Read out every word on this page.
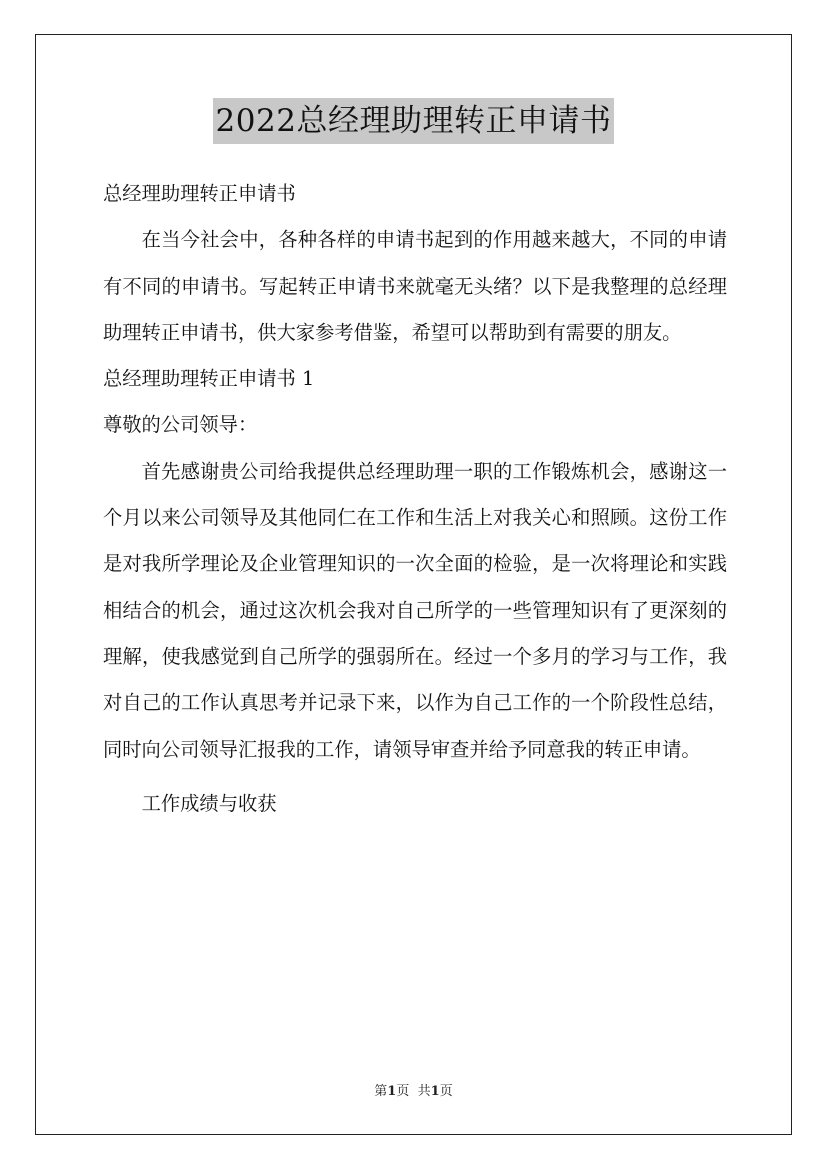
2022总经理助理转正申请书

总经理助理转正申请书

在当今社会中，各种各样的申请书起到的作用越来越大，不同的申请有不同的申请书。写起转正申请书来就毫无头绪？以下是我整理的总经理助理转正申请书，供大家参考借鉴，希望可以帮助到有需要的朋友。

总经理助理转正申请书 1

尊敬的公司领导：

首先感谢贵公司给我提供总经理助理一职的工作锻炼机会，感谢这一个月以来公司领导及其他同仁在工作和生活上对我关心和照顾。这份工作是对我所学理论及企业管理知识的一次全面的检验，是一次将理论和实践相结合的机会，通过这次机会我对自己所学的一些管理知识有了更深刻的理解，使我感觉到自己所学的强弱所在。经过一个多月的学习与工作，我对自己的工作认真思考并记录下来，以作为自己工作的一个阶段性总结，同时向公司领导汇报我的工作，请领导审查并给予同意我的转正申请。

工作成绩与收获

第1页 共1页
